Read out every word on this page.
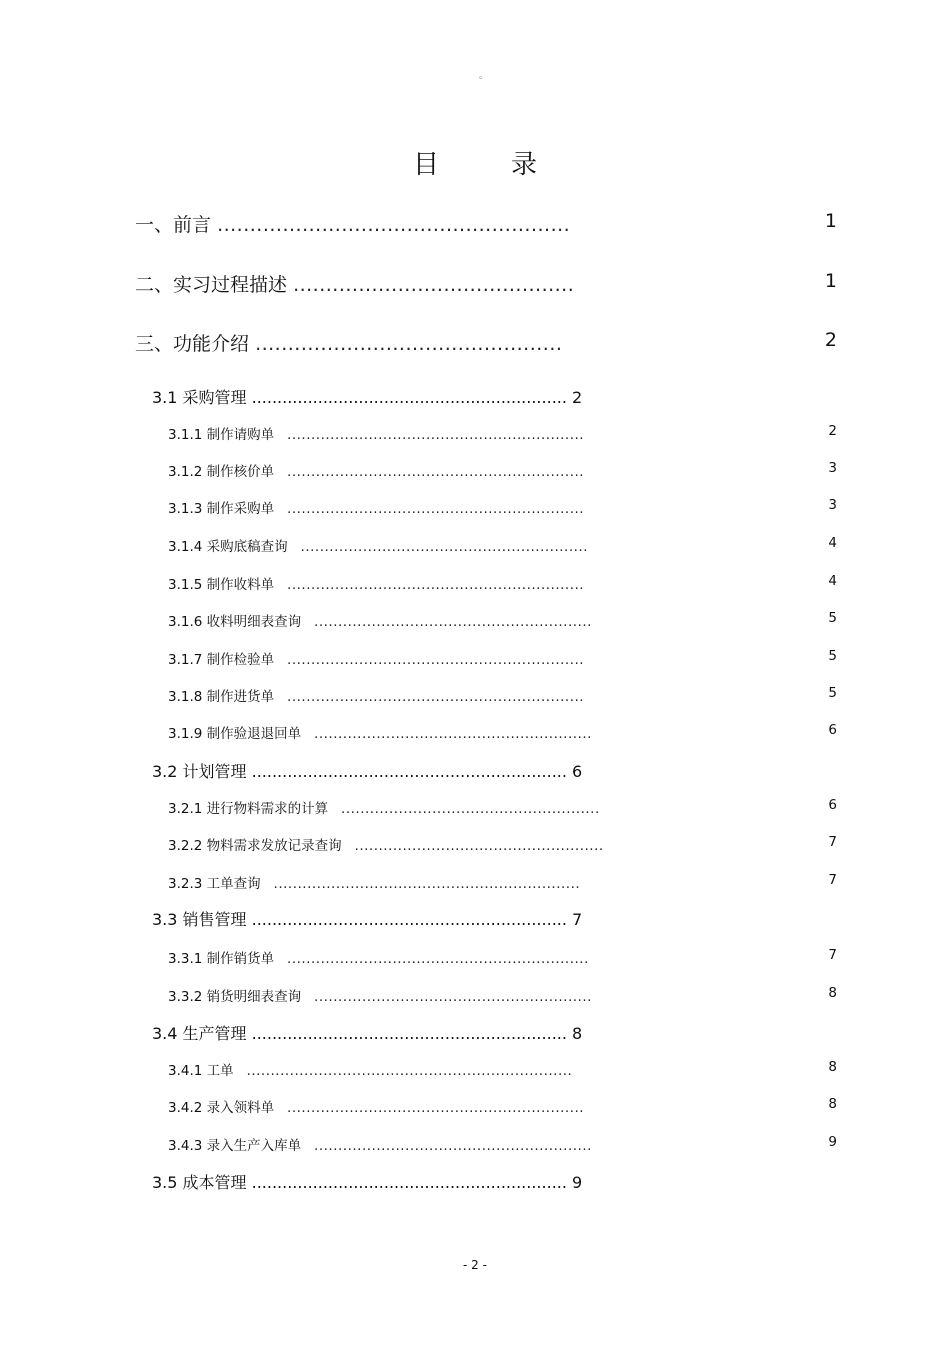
。
目	录
一、前言 ......................................................	1
二、实习过程描述 ...........................................	1
三、功能介绍 ...............................................	2
3.1 采购管理 .............................................................. 2
3.2 计划管理 .............................................................. 6
3.3 销售管理 .............................................................. 7
3.4 生产管理 .............................................................. 8
3.5 成本管理 .............................................................. 9
3.1.1 制作请购单 ..............................................................	2
3.1.2 制作核价单 ..............................................................	3
3.1.3 制作采购单 ..............................................................	3
3.1.4 采购底稿查询 ............................................................	4
3.1.5 制作收料单 ..............................................................	4
3.1.6 收料明细表查询 ..........................................................	5
3.1.7 制作检验单 ..............................................................	5
3.1.8 制作进货单 ..............................................................	5
3.1.9 制作验退退回单 ..........................................................	6
3.2.1 进行物料需求的计算 ......................................................	6
3.2.2 物料需求发放记录查询 ....................................................	7
3.2.3 工单查询 ................................................................	7
3.3.1 制作销货单 ...............................................................	7
3.3.2 销货明细表查询 ..........................................................	8
3.4.1 工单 ....................................................................	8
3.4.2 录入领料单 ..............................................................	8
3.4.3 录入生产入库单 ..........................................................	9
- 2 -
